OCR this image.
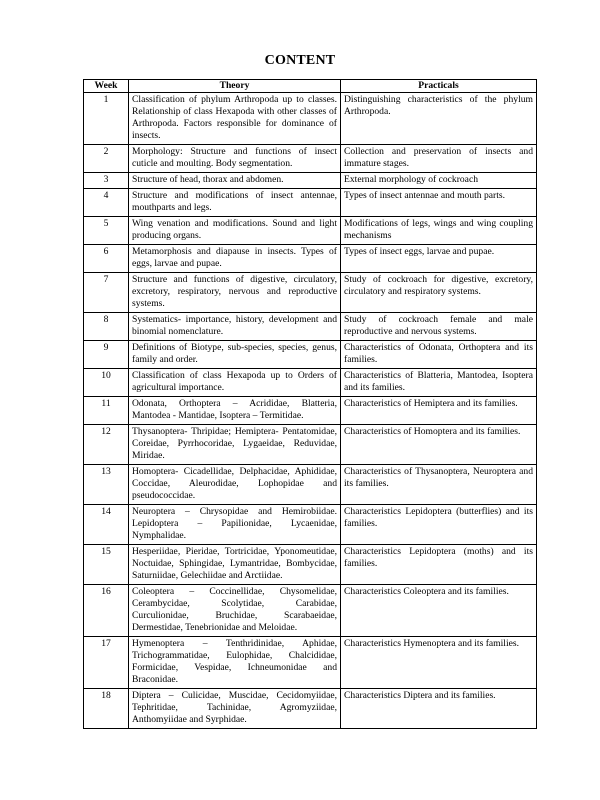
CONTENT
Week	Theory	Practicals
1	Classification of phylum Arthropoda up to classes. Relationship of class Hexapoda with other classes of Arthropoda. Factors responsible for dominance of insects.	Distinguishing characteristics of the phylum Arthropoda.
2	Morphology: Structure and functions of insect cuticle and moulting. Body segmentation.	Collection and preservation of insects and immature stages.
3	Structure of head, thorax and abdomen.	External morphology of cockroach
4	Structure and modifications of insect antennae, mouthparts and legs.	Types of insect antennae and mouth parts.
5	Wing venation and modifications. Sound and light producing organs.	Modifications of legs, wings and wing coupling mechanisms
6	Metamorphosis and diapause in insects. Types of eggs, larvae and pupae.	Types of insect eggs, larvae and pupae.
7	Structure and functions of digestive, circulatory, excretory, respiratory, nervous and reproductive systems.	Study of cockroach for digestive, excretory, circulatory and respiratory systems.
8	Systematics- importance, history, development and binomial nomenclature.	Study of cockroach female and male reproductive and nervous systems.
9	Definitions of Biotype, sub-species, species, genus, family and order.	Characteristics of Odonata, Orthoptera and its families.
10	Classification of class Hexapoda up to Orders of agricultural importance.	Characteristics of Blatteria, Mantodea, Isoptera and its families.
11	Odonata, Orthoptera – Acrididae, Blatteria, Mantodea - Mantidae, Isoptera – Termitidae.	Characteristics of Hemiptera and its families.
12	Thysanoptera- Thripidae; Hemiptera- Pentatomidae, Coreidae, Pyrrhocoridae, Lygaeidae, Reduvidae, Miridae.	Characteristics of Homoptera and its families.
13	Homoptera- Cicadellidae, Delphacidae, Aphididae, Coccidae, Aleurodidae, Lophopidae and pseudococcidae.	Characteristics of Thysanoptera, Neuroptera and its families.
14	Neuroptera – Chrysopidae and Hemirobiidae. Lepidoptera – Papilionidae, Lycaenidae, Nymphalidae.	Characteristics Lepidoptera (butterflies) and its families.
15	Hesperiidae, Pieridae, Tortricidae, Yponomeutidae, Noctuidae, Sphingidae, Lymantridae, Bombycidae, Saturniidae, Gelechiidae and Arctiidae.	Characteristics Lepidoptera (moths) and its families.
16	Coleoptera – Coccinellidae, Chysomelidae, Cerambycidae, Scolytidae, Carabidae, Curculionidae, Bruchidae, Scarabaeidae, Dermestidae, Tenebrionidae and Meloidae.	Characteristics Coleoptera and its families.
17	Hymenoptera – Tenthridinidae, Aphidae, Trichogrammatidae, Eulophidae, Chalcididae, Formicidae, Vespidae, Ichneumonidae and Braconidae.	Characteristics Hymenoptera and its families.
18	Diptera – Culicidae, Muscidae, Cecidomyiidae, Tephritidae, Tachinidae, Agromyziidae, Anthomyiidae and Syrphidae.	Characteristics Diptera and its families.
